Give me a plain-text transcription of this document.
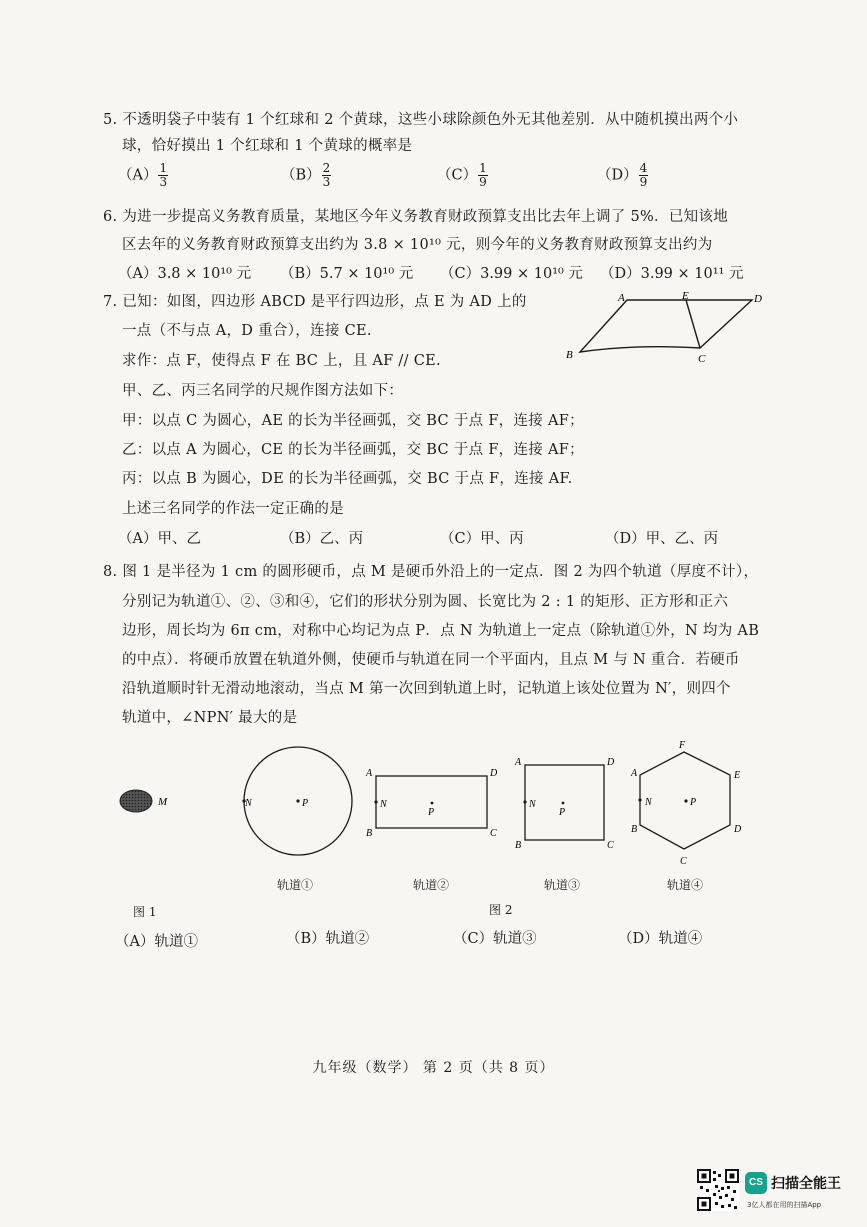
5. 不透明袋子中装有 1 个红球和 2 个黄球，这些小球除颜色外无其他差别．从中随机摸出两个小
球，恰好摸出 1 个红球和 1 个黄球的概率是
$(A) \frac{1}{3}$	$(B) \frac{2}{3}$	$(C) \frac{1}{9}$	$(D) \frac{4}{9}$
6. 为进一步提高义务教育质量，某地区今年义务教育财政预算支出比去年上调了 5%．已知该地
区去年的义务教育财政预算支出约为 3.8 × 10¹⁰ 元，则今年的义务教育财政预算支出约为
（A）3.8 × 10¹⁰ 元 （B）5.7 × 10¹⁰ 元 （C）3.99 × 10¹⁰ 元 （D）3.99 × 10¹¹ 元
7. 已知：如图，四边形 ABCD 是平行四边形，点 E 为 AD 上的
一点（不与点 A，D 重合），连接 CE.
求作：点 F，使得点 F 在 BC 上，且 AF // CE.
甲、乙、丙三名同学的尺规作图方法如下：
甲：以点 C 为圆心，AE 的长为半径画弧，交 BC 于点 F，连接 AF；
乙：以点 A 为圆心，CE 的长为半径画弧，交 BC 于点 F，连接 AF；
丙：以点 B 为圆心，DE 的长为半径画弧，交 BC 于点 F，连接 AF.
上述三名同学的作法一定正确的是
（A）甲、乙	（B）乙、丙	（C）甲、丙	（D）甲、乙、丙
A	E	D
B	C
8. 图 1 是半径为 1 cm 的圆形硬币，点 M 是硬币外沿上的一定点．图 2 为四个轨道（厚度不计），
分别记为轨道①、②、③和④，它们的形状分别为圆、长宽比为 2 : 1 的矩形、正方形和正六
边形，周长均为 6π cm，对称中心均记为点 P．点 N 为轨道上一定点（除轨道①外，N 均为 AB
的中点）．将硬币放置在轨道外侧，使硬币与轨道在同一个平面内，且点 M 与 N 重合．若硬币
沿轨道顺时针无滑动地滚动，当点 M 第一次回到轨道上时，记轨道上该处位置为 N′，则四个
轨道中，∠NPN′ 最大的是
M	N	P
A
B
D
C
N
P
A
B
D
C
N
P
F
E
D
C
B
A
N	P
轨道①	轨道②	轨道③	轨道④
图 1	图 2
（A）轨道①	（B）轨道②	（C）轨道③	（D）轨道④
九年级（数学） 第 2 页（共 8 页）
CS 扫描全能王
3亿人都在用的扫描App
